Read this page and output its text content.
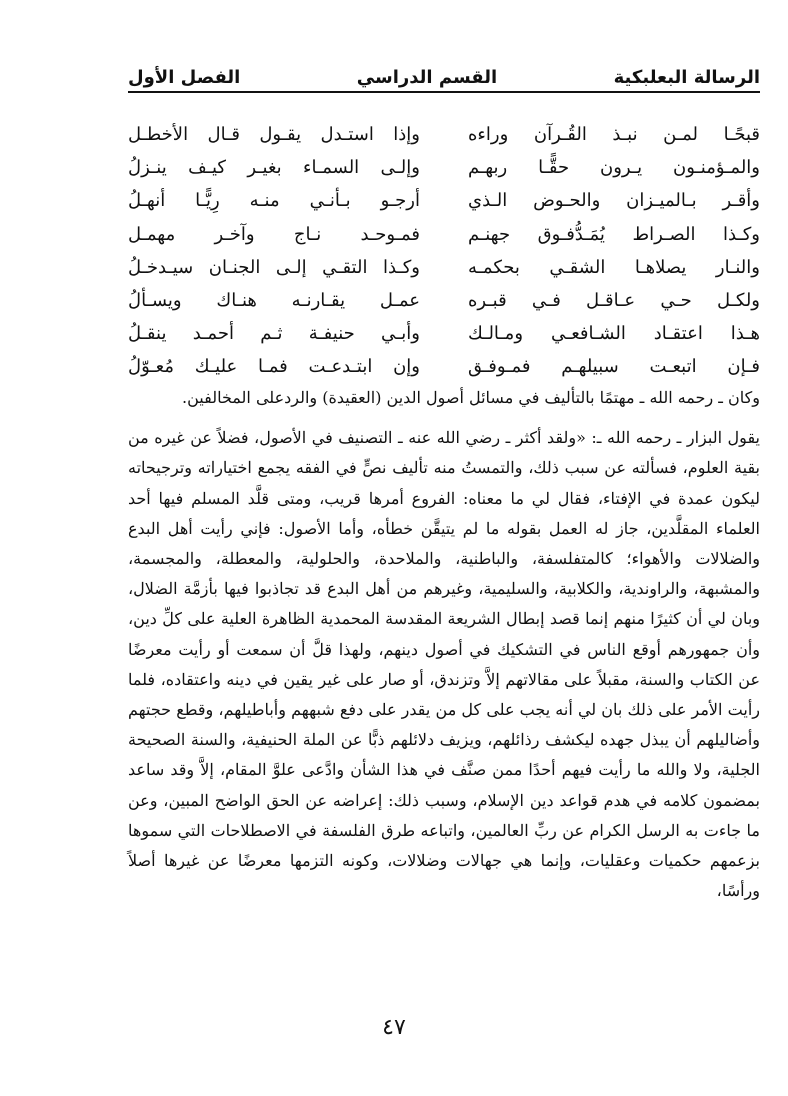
الرسالة البعلبكية
القسم الدراسي
الفصل الأول
قبحًـا لمـن نبـذ القُـرآن وراءه
وإذا استـدل يقـول قـال الأخطـل
والمـؤمنـون يـرون حقًّـا ربهـم
وإلـى السمـاء بغيـر كيـف ينـزلُ
وأقـر بـالميـزان والحـوض الـذي
أرجـو بـأنـي منـه رِيًّـا أنهـلُ
وكـذا الصـراط يُمَـدُّفـوق جهنـم
فمـوحـد نـاج وآخـر مهمـل
والنـار يصلاهـا الشقـي بحكمـه
وكـذا التقـي إلـى الجنـان سيـدخـلُ
ولكـل حـي عـاقـل فـي قبـره
عمـل يقـارنـه هنـاك ويسـألُ
هـذا اعتقـاد الشـافعـي ومـالـك
وأبـي حنيفـة ثـم أحمـد ينقـلُ
فـإن اتبعـت سبيلهـم فمـوفـق
وإن ابتـدعـت فمـا عليـك مُعـوّلُ

وكان ـ رحمه الله ـ مهتمًا بالتأليف في مسائل أصول الدين (العقيدة) والردعلى المخالفين.

يقول البزار ـ رحمه الله ـ: «ولقد أكثر ـ رضي الله عنه ـ التصنيف في الأصول، فضلاً عن غيره من بقية العلوم، فسألته عن سبب ذلك، والتمستُ منه تأليف نصٍّ في الفقه يجمع اختياراته وترجيحاته ليكون عمدة في الإفتاء، فقال لي ما معناه: الفروع أمرها قريب، ومتى قلَّد المسلم فيها أحد العلماء المقلَّدين، جاز له العمل بقوله ما لم يتيقَّن خطأه، وأما الأصول: فإني رأيت أهل البدع والضلالات والأهواء؛ كالمتفلسفة، والباطنية، والملاحدة، والحلولية، والمعطلة، والمجسمة، والمشبهة، والراوندية، والكلابية، والسليمية، وغيرهم من أهل البدع قد تجاذبوا فيها بأزمَّة الضلال، وبان لي أن كثيرًا منهم إنما قصد إبطال الشريعة المقدسة المحمدية الظاهرة العلية على كلِّ دين، وأن جمهورهم أوقع الناس في التشكيك في أصول دينهم، ولهذا قلَّ أن سمعت أو رأيت معرضًا عن الكتاب والسنة، مقبلاً على مقالاتهم إلاَّ وتزندق، أو صار على غير يقين في دينه واعتقاده، فلما رأيت الأمر على ذلك بان لي أنه يجب على كل من يقدر على دفع شبههم وأباطيلهم، وقطع حجتهم وأضاليلهم أن يبذل جهده ليكشف رذائلهم، ويزيف دلائلهم ذبًّا عن الملة الحنيفية، والسنة الصحيحة الجلية، ولا والله ما رأيت فيهم أحدًا ممن صنَّف في هذا الشأن وادَّعى علوَّ المقام، إلاَّ وقد ساعد بمضمون كلامه في هدم قواعد دين الإسلام، وسبب ذلك: إعراضه عن الحق الواضح المبين، وعن ما جاءت به الرسل الكرام عن ربِّ العالمين، واتباعه طرق الفلسفة في الاصطلاحات التي سموها بزعمهم حكميات وعقليات، وإنما هي جهالات وضلالات، وكونه التزمها معرضًا عن غيرها أصلاً ورأسًا،

٤٧
